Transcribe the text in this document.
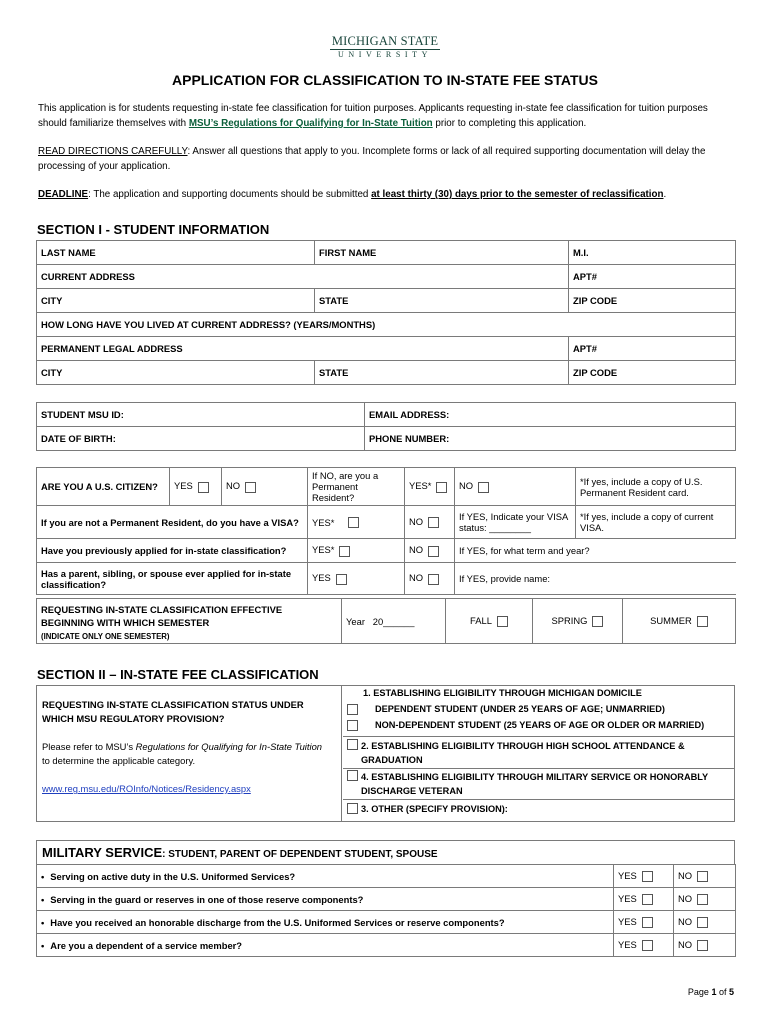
MICHIGAN STATE
UNIVERSITY
APPLICATION FOR CLASSIFICATION TO IN-STATE FEE STATUS
This application is for students requesting in-state fee classification for tuition purposes. Applicants requesting in-state fee classification for tuition purposes should familiarize themselves with MSU’s Regulations for Qualifying for In-State Tuition prior to completing this application.
READ DIRECTIONS CAREFULLY: Answer all questions that apply to you. Incomplete forms or lack of all required supporting documentation will delay the processing of your application.
DEADLINE: The application and supporting documents should be submitted at least thirty (30) days prior to the semester of reclassification.
SECTION I - STUDENT INFORMATION
LAST NAME	FIRST NAME	M.I.
CURRENT ADDRESS		APT#
CITY	STATE	ZIP CODE
HOW LONG HAVE YOU LIVED AT CURRENT ADDRESS? (YEARS/MONTHS)		
PERMANENT LEGAL ADDRESS		APT#
CITY	STATE	ZIP CODE
STUDENT MSU ID:	EMAIL ADDRESS:
DATE OF BIRTH:	PHONE NUMBER:
ARE YOU A U.S. CITIZEN?	YES	NO	If NO, are you a Permanent Resident?		YES*	NO	*If yes, include a copy of U.S. Permanent Resident card.
If you are not a Permanent Resident, do you have a VISA?			YES*		NO	If YES, Indicate your VISA status: ________	*If yes, include a copy of current VISA.
Have you previously applied for in-state classification?			YES*		NO	If YES, for what term and year?	
Has a parent, sibling, or spouse ever applied for in-state classification?			YES		NO	If YES, provide name:	
REQUESTING IN-STATE CLASSIFICATION EFFECTIVE BEGINNING WITH WHICH SEMESTER
(INDICATE ONLY ONE SEMESTER)
	Year   20______	FALL	SPRING	SUMMER
SECTION II – IN-STATE FEE CLASSIFICATION
REQUESTING IN-STATE CLASSIFICATION STATUS UNDER WHICH MSU REGULATORY PROVISION?
Please refer to MSU’s Regulations for Qualifying for In-State Tuition to determine the applicable category.
www.reg.msu.edu/ROInfo/Notices/Residency.aspx
1. ESTABLISHING ELIGIBILITY THROUGH MICHIGAN DOMICILE
DEPENDENT STUDENT (UNDER 25 YEARS OF AGE; UNMARRIED)
NON-DEPENDENT STUDENT (25 YEARS OF AGE OR OLDER OR MARRIED)
2. ESTABLISHING ELIGIBILITY THROUGH HIGH SCHOOL ATTENDANCE & GRADUATION
4. ESTABLISHING ELIGIBILITY THROUGH MILITARY SERVICE OR HONORABLY DISCHARGE VETERAN
3. OTHER (SPECIFY PROVISION):
MILITARY SERVICE: STUDENT, PARENT OF DEPENDENT STUDENT, SPOUSE
• Serving on active duty in the U.S. Uniformed Services?	YES	NO
• Serving in the guard or reserves in one of those reserve components?	YES	NO
• Have you received an honorable discharge from the U.S. Uniformed Services or reserve components?	YES	NO
• Are you a dependent of a service member?	YES	NO
Page 1 of 5
